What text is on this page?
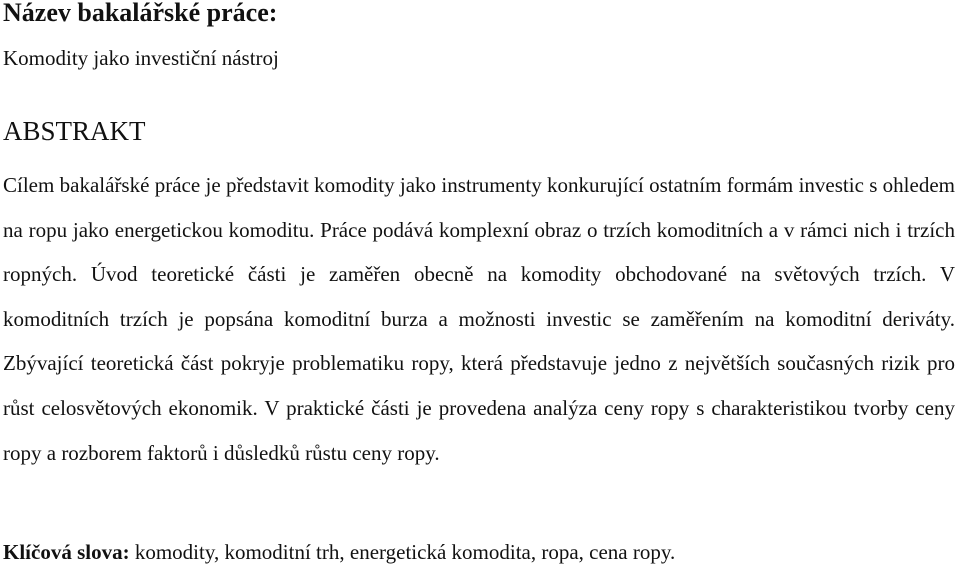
Název bakalářské práce:
Komodity jako investiční nástroj
ABSTRAKT

Cílem bakalářské práce je představit komodity jako instrumenty konkurující ostatním formám investic s ohledem na ropu jako energetickou komoditu. Práce podává komplexní obraz o trzích komoditních a v rámci nich i trzích ropných. Úvod teoretické části je zaměřen obecně na komodity obchodované na světových trzích. V komoditních trzích je popsána komoditní burza a možnosti investic se zaměřením na komoditní deriváty. Zbývající teoretická část pokryje problematiku ropy, která představuje jedno z největších současných rizik pro růst celosvětových ekonomik. V praktické části je provedena analýza ceny ropy s charakteristikou tvorby ceny ropy a rozborem faktorů i důsledků růstu ceny ropy.

Klíčová slova: komodity, komoditní trh, energetická komodita, ropa, cena ropy.
